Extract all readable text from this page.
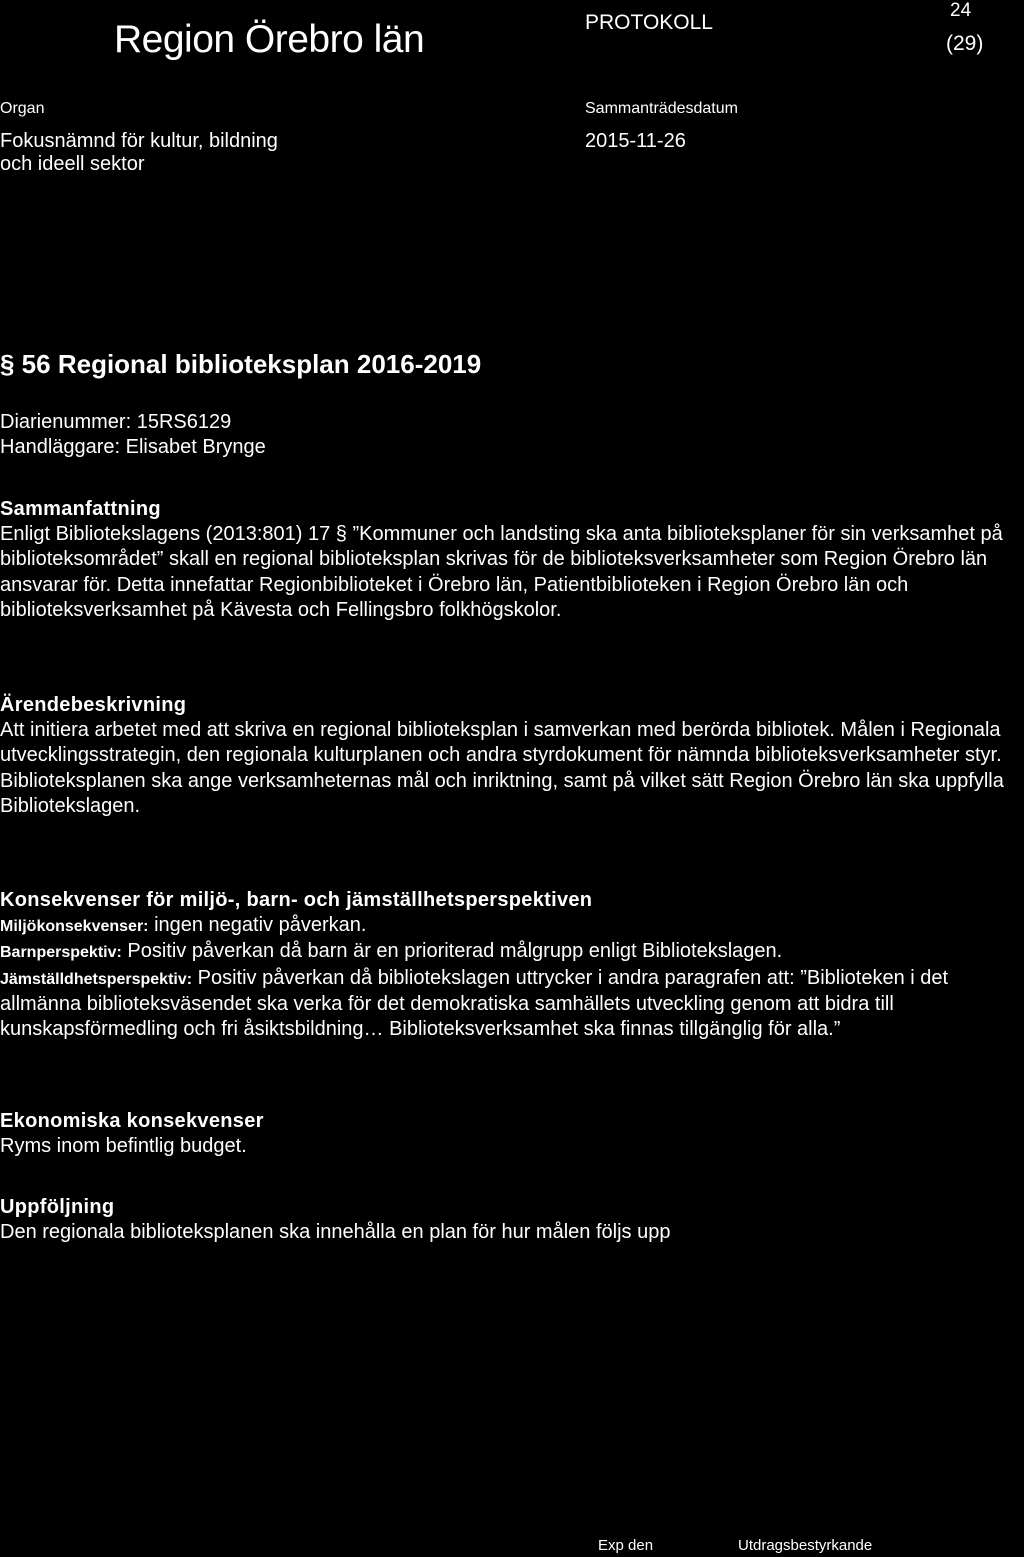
Region Örebro län	PROTOKOLL
24
(29)
Organ
Fokusnämnd för kultur, bildning
och ideell sektor
Sammanträdesdatum
2015-11-26
§ 56 Regional biblioteksplan 2016-2019
Diarienummer: 15RS6129
Handläggare: Elisabet Brynge
Sammanfattning

Enligt Bibliotekslagens (2013:801) 17 § ”Kommuner och landsting ska anta biblioteksplaner för sin verksamhet på biblioteksområdet” skall en regional biblioteksplan skrivas för de biblioteksverksamheter som Region Örebro län ansvarar för. Detta innefattar Regionbiblioteket i Örebro län, Patientbiblioteken i Region Örebro län och biblioteksverksamhet på Kävesta och Fellingsbro folkhögskolor.

Ärendebeskrivning

Att initiera arbetet med att skriva en regional biblioteksplan i samverkan med berörda bibliotek. Målen i Regionala utvecklingsstrategin, den regionala kulturplanen och andra styrdokument för nämnda biblioteksverksamheter styr. Biblioteksplanen ska ange verksamheternas mål och inriktning, samt på vilket sätt Region Örebro län ska uppfylla Bibliotekslagen.

Konsekvenser för miljö-, barn- och jämställhetsperspektiven

Miljökonsekvenser: ingen negativ påverkan.

Barnperspektiv: Positiv påverkan då barn är en prioriterad målgrupp enligt Bibliotekslagen.

Jämställdhetsperspektiv: Positiv påverkan då bibliotekslagen uttrycker i andra paragrafen att: ”Biblioteken i det allmänna biblioteksväsendet ska verka för det demokratiska samhällets utveckling genom att bidra till kunskapsförmedling och fri åsiktsbildning… Biblioteksverksamhet ska finnas tillgänglig för alla.”

Ekonomiska konsekvenser

Ryms inom befintlig budget.

Uppföljning

Den regionala biblioteksplanen ska innehålla en plan för hur målen följs upp

Exp den	Utdragsbestyrkande
